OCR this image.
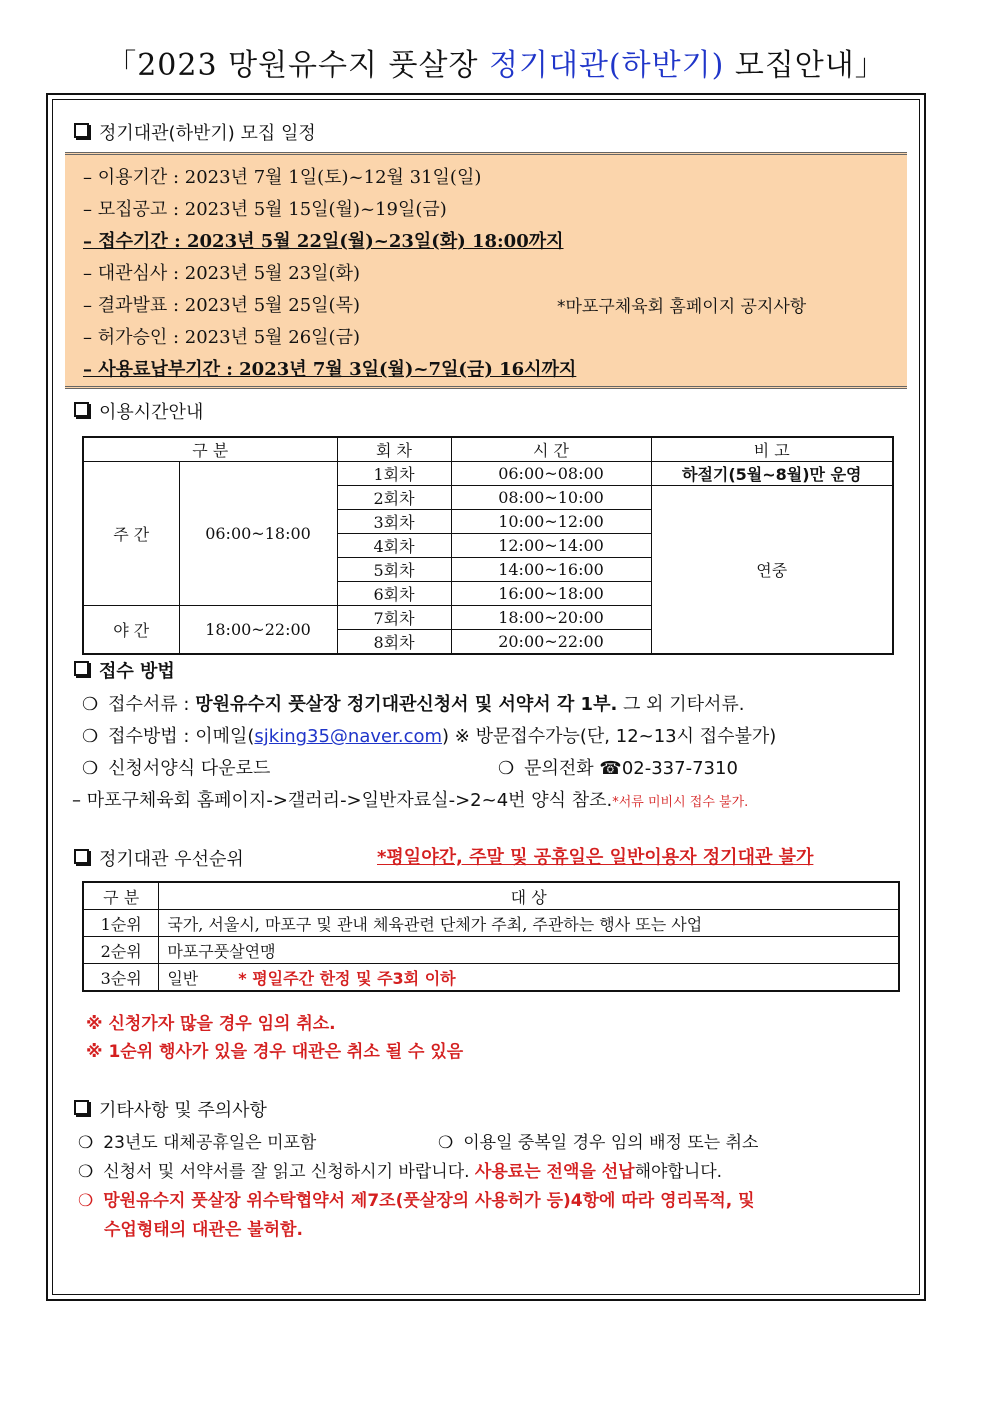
「2023 망원유수지 풋살장 정기대관(하반기) 모집안내」
정기대관(하반기) 모집 일정
– 이용기간 : 2023년 7월 1일(토)~12월 31일(일)
– 모집공고 : 2023년 5월 15일(월)~19일(금)
– 접수기간 : 2023년 5월 22일(월)~23일(화) 18:00까지
– 대관심사 : 2023년 5월 23일(화)
– 결과발표 : 2023년 5월 25일(목)	*마포구체육회 홈페이지 공지사항
– 허가승인 : 2023년 5월 26일(금)
– 사용료납부기간 : 2023년 7월 3일(월)~7일(금) 16시까지
이용시간안내
구 분		회 차	시 간	비 고
주 간	06:00~18:00	1회차	06:00~08:00	하절기(5월~8월)만 운영
		2회차	08:00~10:00	연중
		3회차	10:00~12:00	
		4회차	12:00~14:00	
		5회차	14:00~16:00	
		6회차	16:00~18:00	
야 간	18:00~22:00	7회차	18:00~20:00	
		8회차	20:00~22:00	
접수 방법
❍ 접수서류 : 망원유수지 풋살장 정기대관신청서 및 서약서 각 1부. 그 외 기타서류.
❍ 접수방법 : 이메일(sjking35@naver.com) ※ 방문접수가능(단, 12~13시 접수불가)
❍ 신청서양식 다운로드	❍ 문의전화 ☎02-337-7310
– 마포구체육회 홈페이지->갤러리->일반자료실->2~4번 양식 참조.*서류 미비시 접수 불가.
정기대관 우선순위	*평일야간, 주말 및 공휴일은 일반이용자 정기대관 불가
구 분	대 상
1순위	국가, 서울시, 마포구 및 관내 체육관련 단체가 주최, 주관하는 행사 또는 사업
2순위	마포구풋살연맹
3순위	일반 * 평일주간 한정 및 주3회 이하
※ 신청가자 많을 경우 임의 취소.
※ 1순위 행사가 있을 경우 대관은 취소 될 수 있음
기타사항 및 주의사항
❍ 23년도 대체공휴일은 미포함	❍ 이용일 중복일 경우 임의 배정 또는 취소
❍ 신청서 및 서약서를 잘 읽고 신청하시기 바랍니다. 사용료는 전액을 선납해야합니다.
❍ 망원유수지 풋살장 위수탁협약서 제7조(풋살장의 사용허가 등)4항에 따라 영리목적, 및
수업형태의 대관은 불허함.
